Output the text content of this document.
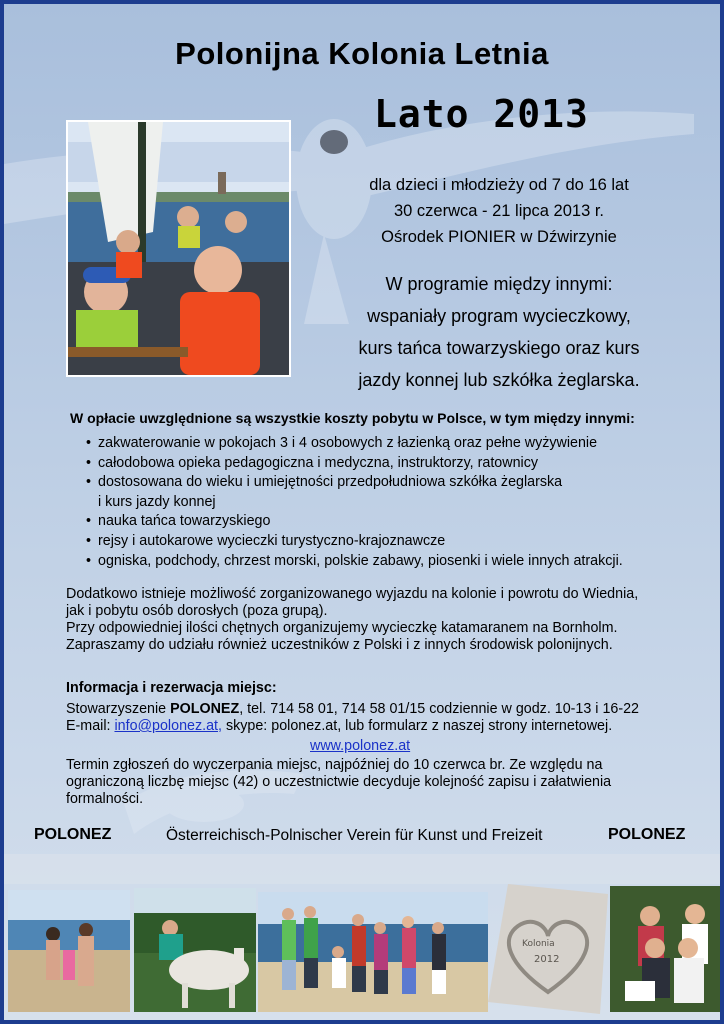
Polonijna Kolonia Letnia
Lato 2013
dla dzieci i młodzieży od 7 do 16 lat
30 czerwca - 21 lipca 2013 r.
Ośrodek PIONIER w Dźwirzynie
W programie między innymi:
wspaniały program wycieczkowy,
kurs tańca towarzyskiego oraz kurs
jazdy konnej lub szkółka żeglarska.
W opłacie uwzględnione są wszystkie koszty pobytu w Polsce, w tym między innymi:
• zakwaterowanie w pokojach 3 i 4 osobowych z łazienką oraz pełne wyżywienie
• całodobowa opieka pedagogiczna i medyczna, instruktorzy, ratownicy
• dostosowana do wieku i umiejętności przedpołudniowa szkółka żeglarska
i kurs jazdy konnej
• nauka tańca towarzyskiego
• rejsy i autokarowe wycieczki turystyczno-krajoznawcze
• ogniska, podchody, chrzest morski, polskie zabawy, piosenki i wiele innych atrakcji.
Dodatkowo istnieje możliwość zorganizowanego wyjazdu na kolonie i powrotu do Wiednia,
jak i pobytu osób dorosłych (poza grupą).
Przy odpowiedniej ilości chętnych organizujemy wycieczkę katamaranem na Bornholm.
Zapraszamy do udziału również uczestników z Polski i z innych środowisk polonijnych.
Informacja i rezerwacja miejsc:
Stowarzyszenie POLONEZ, tel. 714 58 01, 714 58 01/15 codziennie w godz. 10-13 i 16-22
E-mail: info@polonez.at, skype: polonez.at, lub formularz z naszej strony internetowej.
www.polonez.at
Termin zgłoszeń do wyczerpania miejsc, najpóźniej do 10 czerwca br. Ze względu na
ograniczoną liczbę miejsc (42) o uczestnictwie decyduje kolejność zapisu i załatwienia
formalności.
POLONEZ	Österreichisch-Polnischer Verein für Kunst und Freizeit	POLONEZ
Kolonia
2012
